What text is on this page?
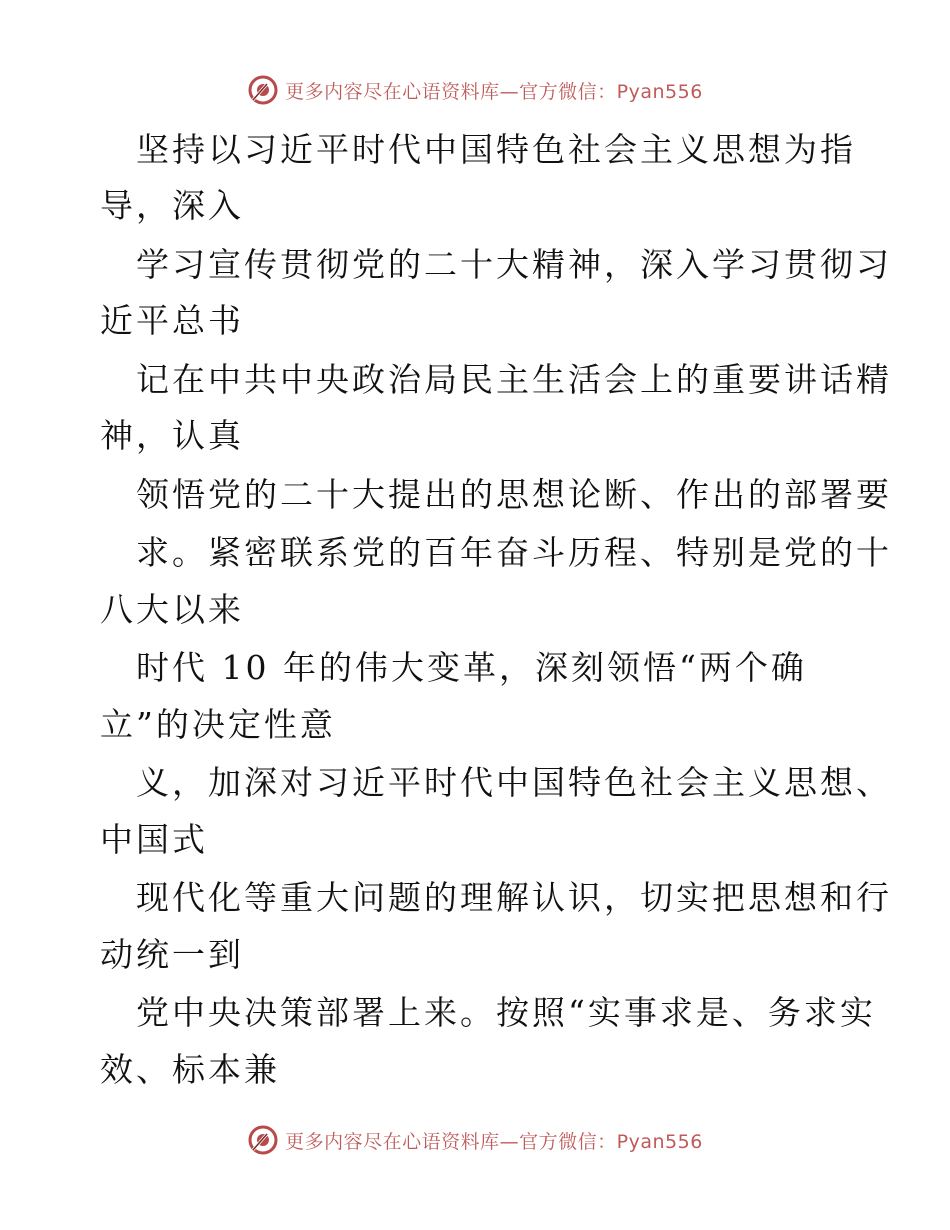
更多内容尽在心语资料库—官方微信：Pyan556
坚持以习近平时代中国特色社会主义思想为指
导，深入
学习宣传贯彻党的二十大精神，深入学习贯彻习
近平总书
记在中共中央政治局民主生活会上的重要讲话精
神，认真
领悟党的二十大提出的思想论断、作出的部署要
求。紧密联系党的百年奋斗历程、特别是党的十
八大以来
时代 10 年的伟大变革，深刻领悟“两个确
立”的决定性意
义，加深对习近平时代中国特色社会主义思想、
中国式
现代化等重大问题的理解认识，切实把思想和行
动统一到
党中央决策部署上来。按照“实事求是、务求实
效、标本兼
更多内容尽在心语资料库—官方微信：Pyan556
